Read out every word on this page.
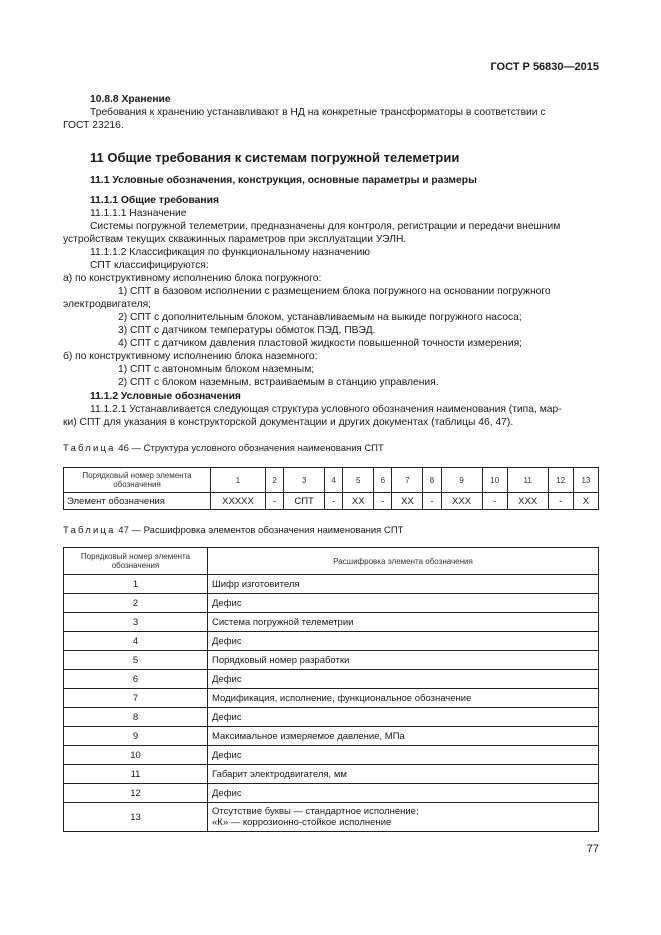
ГОСТ Р 56830—2015
10.8.8 Хранение
Требования к хранению устанавливают в НД на конкретные трансформаторы в соответствии с
ГОСТ 23216.
11 Общие требования к системам погружной телеметрии
11.1 Условные обозначения, конструкция, основные параметры и размеры
11.1.1 Общие требования
11.1.1.1 Назначение
Системы погружной телеметрии, предназначены для контроля, регистрации и передачи внешним
устройствам текущих скважинных параметров при эксплуатации УЭЛН.
11.1.1.2 Классификация по функциональному назначению
СПТ классифицируются:
а) по конструктивному исполнению блока погружного:
1) СПТ в базовом исполнении с размещением блока погружного на основании погружного
электродвигателя;
2) СПТ с дополнительным блоком, устанавливаемым на выкиде погружного насоса;
3) СПТ с датчиком температуры обмоток ПЭД, ПВЭД.
4) СПТ с датчиком давления пластовой жидкости повышенной точности измерения;
б) по конструктивному исполнению блока наземного:
1) СПТ с автономным блоком наземным;
2) СПТ с блоком наземным, встраиваемым в станцию управления.
11.1.2 Условные обозначения
11.1.2.1 Устанавливается следующая структура условного обозначения наименования (типа, мар-
ки) СПТ для указания в конструкторской документации и других документах (таблицы 46, 47).
Таблица 46 — Структура условного обозначения наименования СПТ
Порядковый номер элемента обозначения	1	2	3	4	5	6	7	8	9	10	11	12	13
Элемент обозначения	ХХХХХ	-	СПТ	-	ХХ	-	ХХ	-	ХХХ	-	ХХХ	-	Х
Таблица 47 — Расшифровка элементов обозначения наименования СПТ
Порядковый номер элемента обозначения	Расшифровка элемента обозначения
1	Шифр изготовителя
2	Дефис
3	Система погружной телеметрии
4	Дефис
5	Порядковый номер разработки
6	Дефис
7	Модификация, исполнение, функциональное обозначение
8	Дефис
9	Максимальное измеряемое давление, МПа
10	Дефис
11	Габарит электродвигателя, мм
12	Дефис
13	Отсутствие буквы — стандартное исполнение;
«К» — коррозионно-стойкое исполнение
77
